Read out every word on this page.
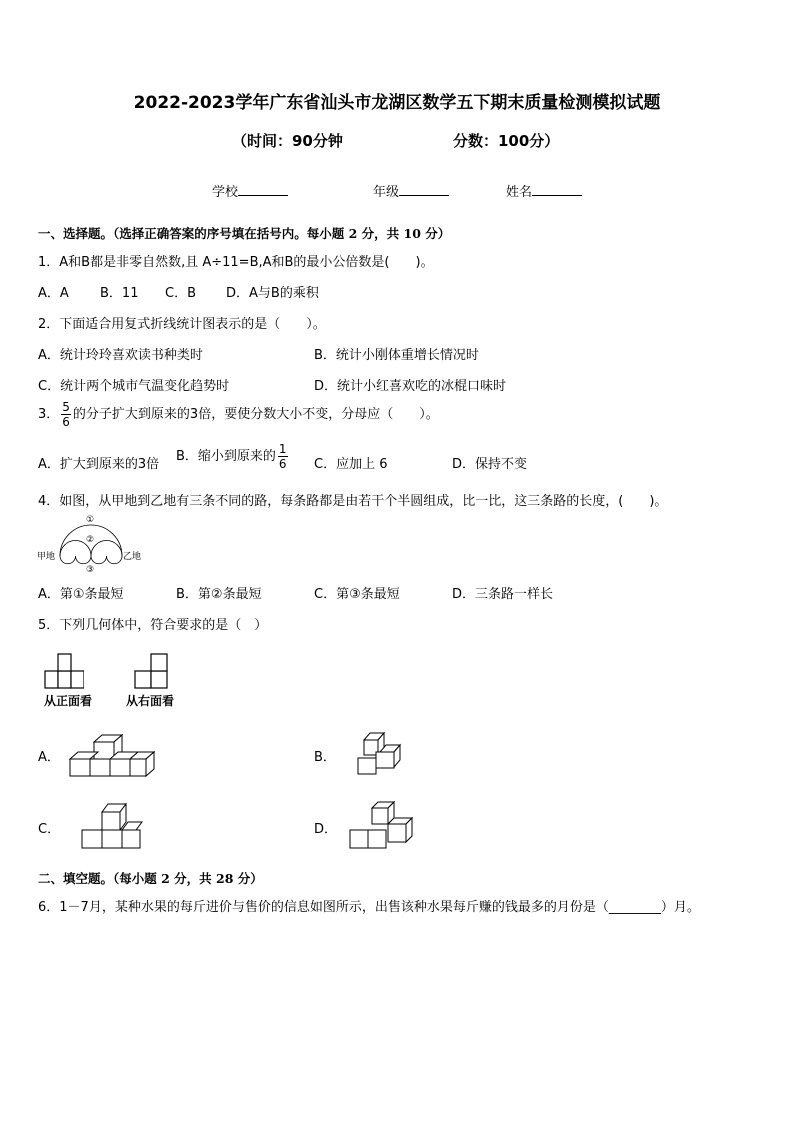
2022-2023学年广东省汕头市龙湖区数学五下期末质量检测模拟试题
（时间：90分钟	分数：100分）
学校	年级	姓名
一、选择题。（选择正确答案的序号填在括号内。每小题 2 分，共 10 分）
1．A和B都是非零自然数,且 A÷11=B,A和B的最小公倍数是(　　)。
A．A B．11 C．B D．A与B的乘积
2．下面适合用复式折线统计图表示的是（　　）。
A．统计玲玲喜欢读书种类时	B．统计小刚体重增长情况时
C．统计两个城市气温变化趋势时	D．统计小红喜欢吃的冰棍口味时
3． $\frac{5}{6}$ 的分子扩大到原来的3倍，要使分数大小不变，分母应（　　）。
A．扩大到原来的3倍
B．缩小到原来的 $\frac{1}{6}$ C．应加上 6	D．保持不变
4．如图，从甲地到乙地有三条不同的路，每条路都是由若干个半圆组成，比一比，这三条路的长度，(　　)。
甲地	乙地
①
②
③
A．第①条最短	B．第②条最短	C．第③条最短	D．三条路一样长
5．下列几何体中，符合要求的是（　）
从正面看	从右面看
A．	B．
C．	D．
二、填空题。（每小题 2 分，共 28 分）
6．1－7月，某种水果的每斤进价与售价的信息如图所示，出售该种水果每斤赚的钱最多的月份是（________）月。
